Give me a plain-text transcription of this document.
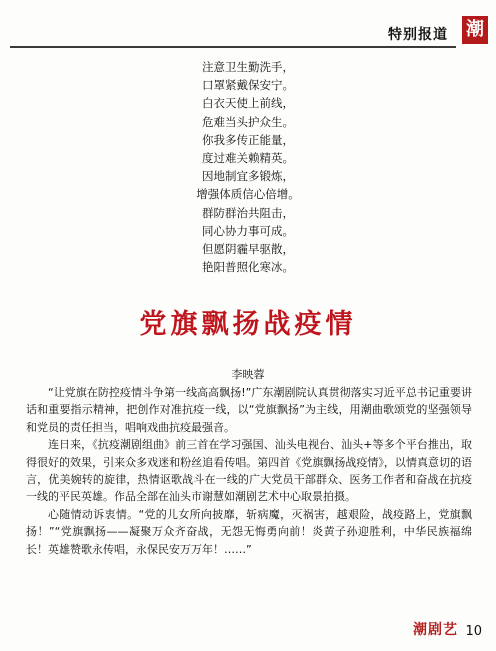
特别报道 潮
注意卫生勤洗手，
口罩紧戴保安宁。
白衣天使上前线，
危难当头护众生。
你我多传正能量，
度过难关赖精英。
因地制宜多锻炼，
增强体质信心倍增。
群防群治共阻击，
同心协力事可成。
但愿阴霾早驱散，
艳阳普照化寒冰。
党旗飘扬战疫情
李映蓉

“让党旗在防控疫情斗争第一线高高飘扬!”广东潮剧院认真贯彻落实习近平总书记重要讲话和重要指示精神，把创作对准抗疫一线，以“党旗飘扬”为主线，用潮曲歌颂党的坚强领导和党员的责任担当，唱响戏曲抗疫最强音。

连日来，《抗疫潮剧组曲》前三首在学习强国、汕头电视台、汕头+等多个平台推出，取得很好的效果，引来众多戏迷和粉丝追看传唱。第四首《党旗飘扬战疫情》，以情真意切的语言，优美婉转的旋律，热情讴歌战斗在一线的广大党员干部群众、医务工作者和奋战在抗疫一线的平民英雄。作品全部在汕头市谢慧如潮剧艺术中心取景拍摄。

心随情动诉衷情。“党的儿女所向披靡，斩病魔，灭祸害，越艰险，战疫路上，党旗飘扬！”“党旗飘扬——凝聚万众齐奋战，无怨无悔勇向前！炎黄子孙迎胜利，中华民族福绵长！英雄赞歌永传唱，永保民安万万年！……”

潮剧艺 10
